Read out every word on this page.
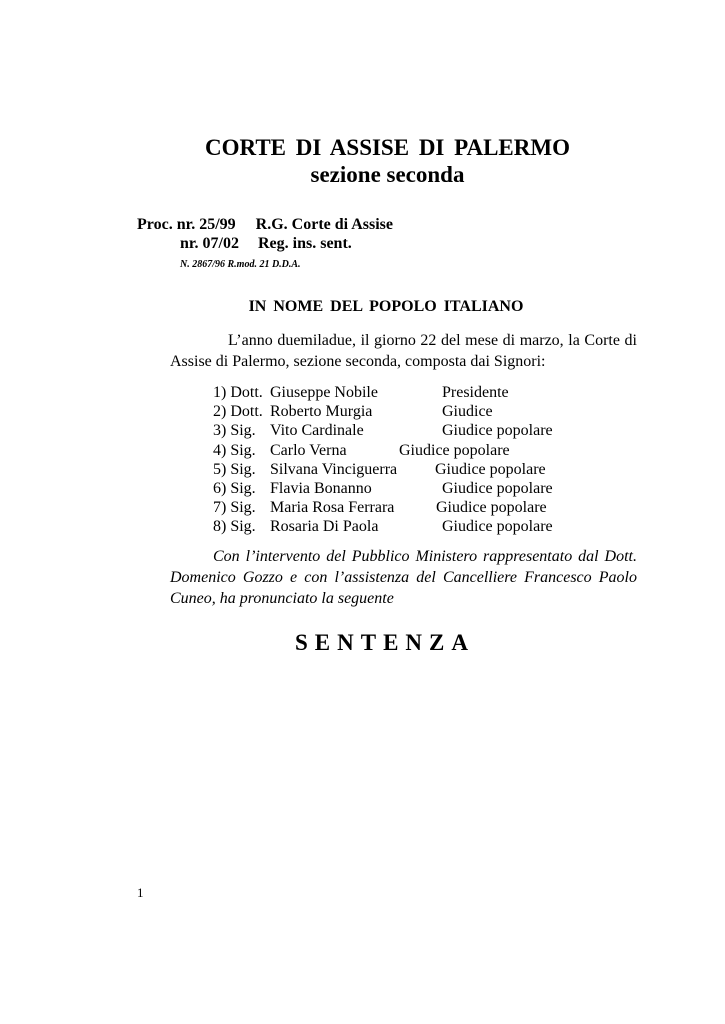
CORTE DI ASSISE DI PALERMO
sezione seconda
Proc. nr. 25/99 R.G. Corte di Assise
nr. 07/02 Reg. ins. sent.
N. 2867/96 R.mod. 21 D.D.A.
IN NOME DEL POPOLO ITALIANO
L’anno duemiladue, il giorno 22 del mese di marzo, la Corte di Assise di Palermo, sezione seconda, composta dai Signori:
1) Dott. Giuseppe Nobile	Presidente
2) Dott. Roberto Murgia	Giudice
3) Sig. Vito Cardinale	Giudice popolare
4) Sig. Carlo Verna	Giudice popolare
5) Sig. Silvana Vinciguerra Giudice popolare
6) Sig. Flavia Bonanno	Giudice popolare
7) Sig. Maria Rosa Ferrara	Giudice popolare
8) Sig. Rosaria Di Paola	Giudice popolare
Con l’intervento del Pubblico Ministero rappresentato dal Dott. Domenico Gozzo e con l’assistenza del Cancelliere Francesco Paolo Cuneo, ha pronunciato la seguente
SENTENZA
1
